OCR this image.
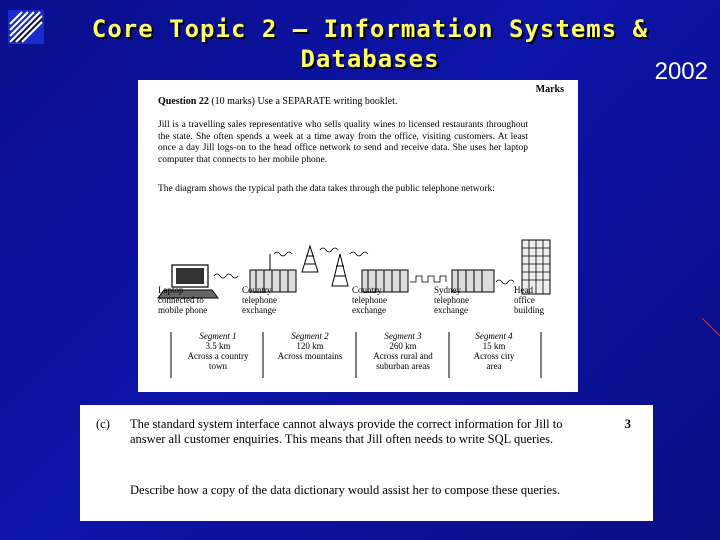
Core Topic 2 – Information Systems &
Databases	2002
Marks
Question 22 (10 marks) Use a SEPARATE writing booklet.

Jill is a travelling sales representative who sells quality wines to licensed restaurants throughout the state. She often spends a week at a time away from the office, visiting customers. At least once a day Jill logs-on to the head office network to send and receive data. She uses her laptop computer that connects to her mobile phone.

The diagram shows the typical path the data takes through the public telephone network:

Laptop
connected to
mobile phone
Country
telephone
exchange
Country
telephone
exchange
Sydney
telephone
exchange
Head
office
building
Segment 1
3.5 km
Across a country
town
Segment 2
120 km
Across mountains
Segment 3
260 km
Across rural and
suburban areas
Segment 4
15 km
Across city
area
(c) The standard system interface cannot always provide the correct information for Jill to answer all customer enquiries. This means that Jill often needs to write SQL queries.

Describe how a copy of the data dictionary would assist her to compose these queries.

3
